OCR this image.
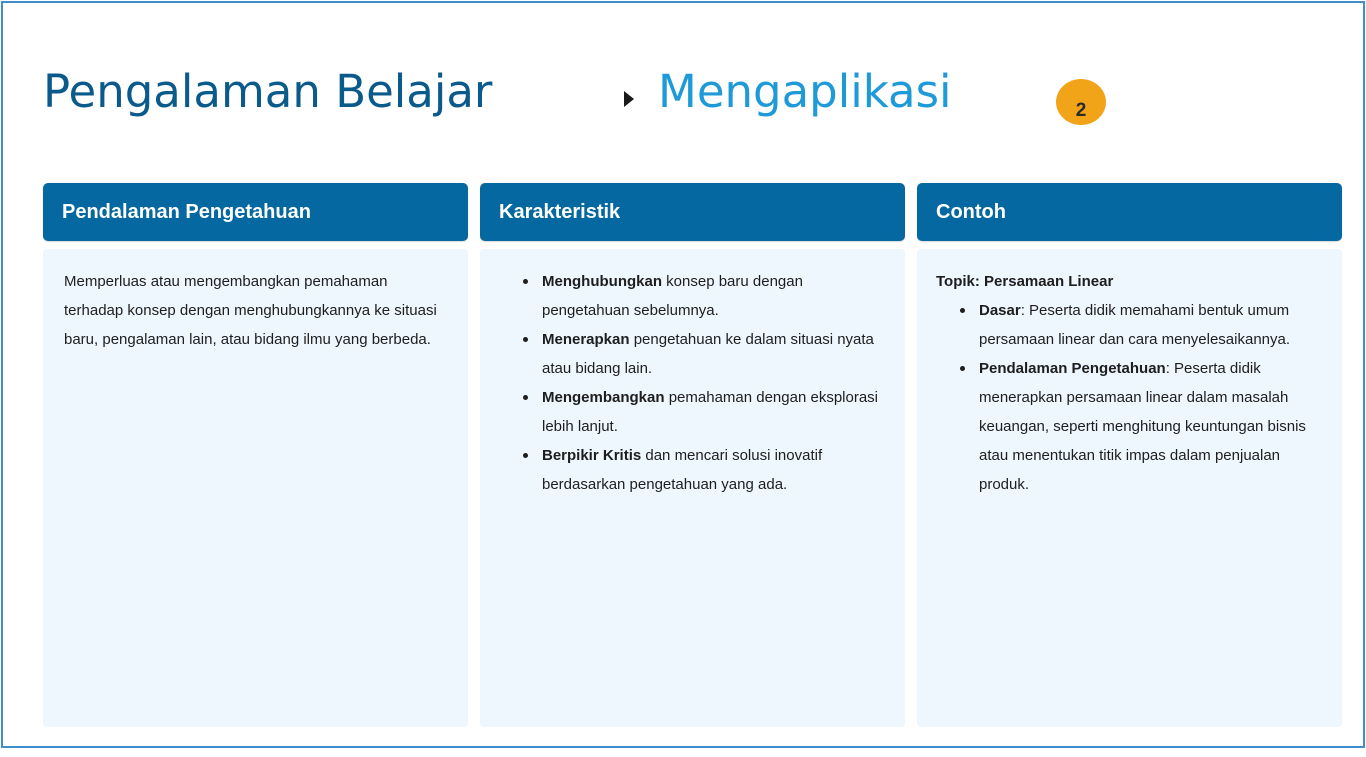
Pengalaman Belajar	Mengaplikasi	2
Pendalaman Pengetahuan

Memperluas atau mengembangkan pemahaman terhadap konsep dengan menghubungkannya ke situasi baru, pengalaman lain, atau bidang ilmu yang berbeda.

Karakteristik
Menghubungkan konsep baru dengan pengetahuan sebelumnya.
Menerapkan pengetahuan ke dalam situasi nyata atau bidang lain.
Mengembangkan pemahaman dengan eksplorasi lebih lanjut.
Berpikir Kritis dan mencari solusi inovatif berdasarkan pengetahuan yang ada.
Contoh
Topik: Persamaan Linear
Dasar: Peserta didik memahami bentuk umum persamaan linear dan cara menyelesaikannya.
Pendalaman Pengetahuan: Peserta didik menerapkan persamaan linear dalam masalah keuangan, seperti menghitung keuntungan bisnis atau menentukan titik impas dalam penjualan produk.
